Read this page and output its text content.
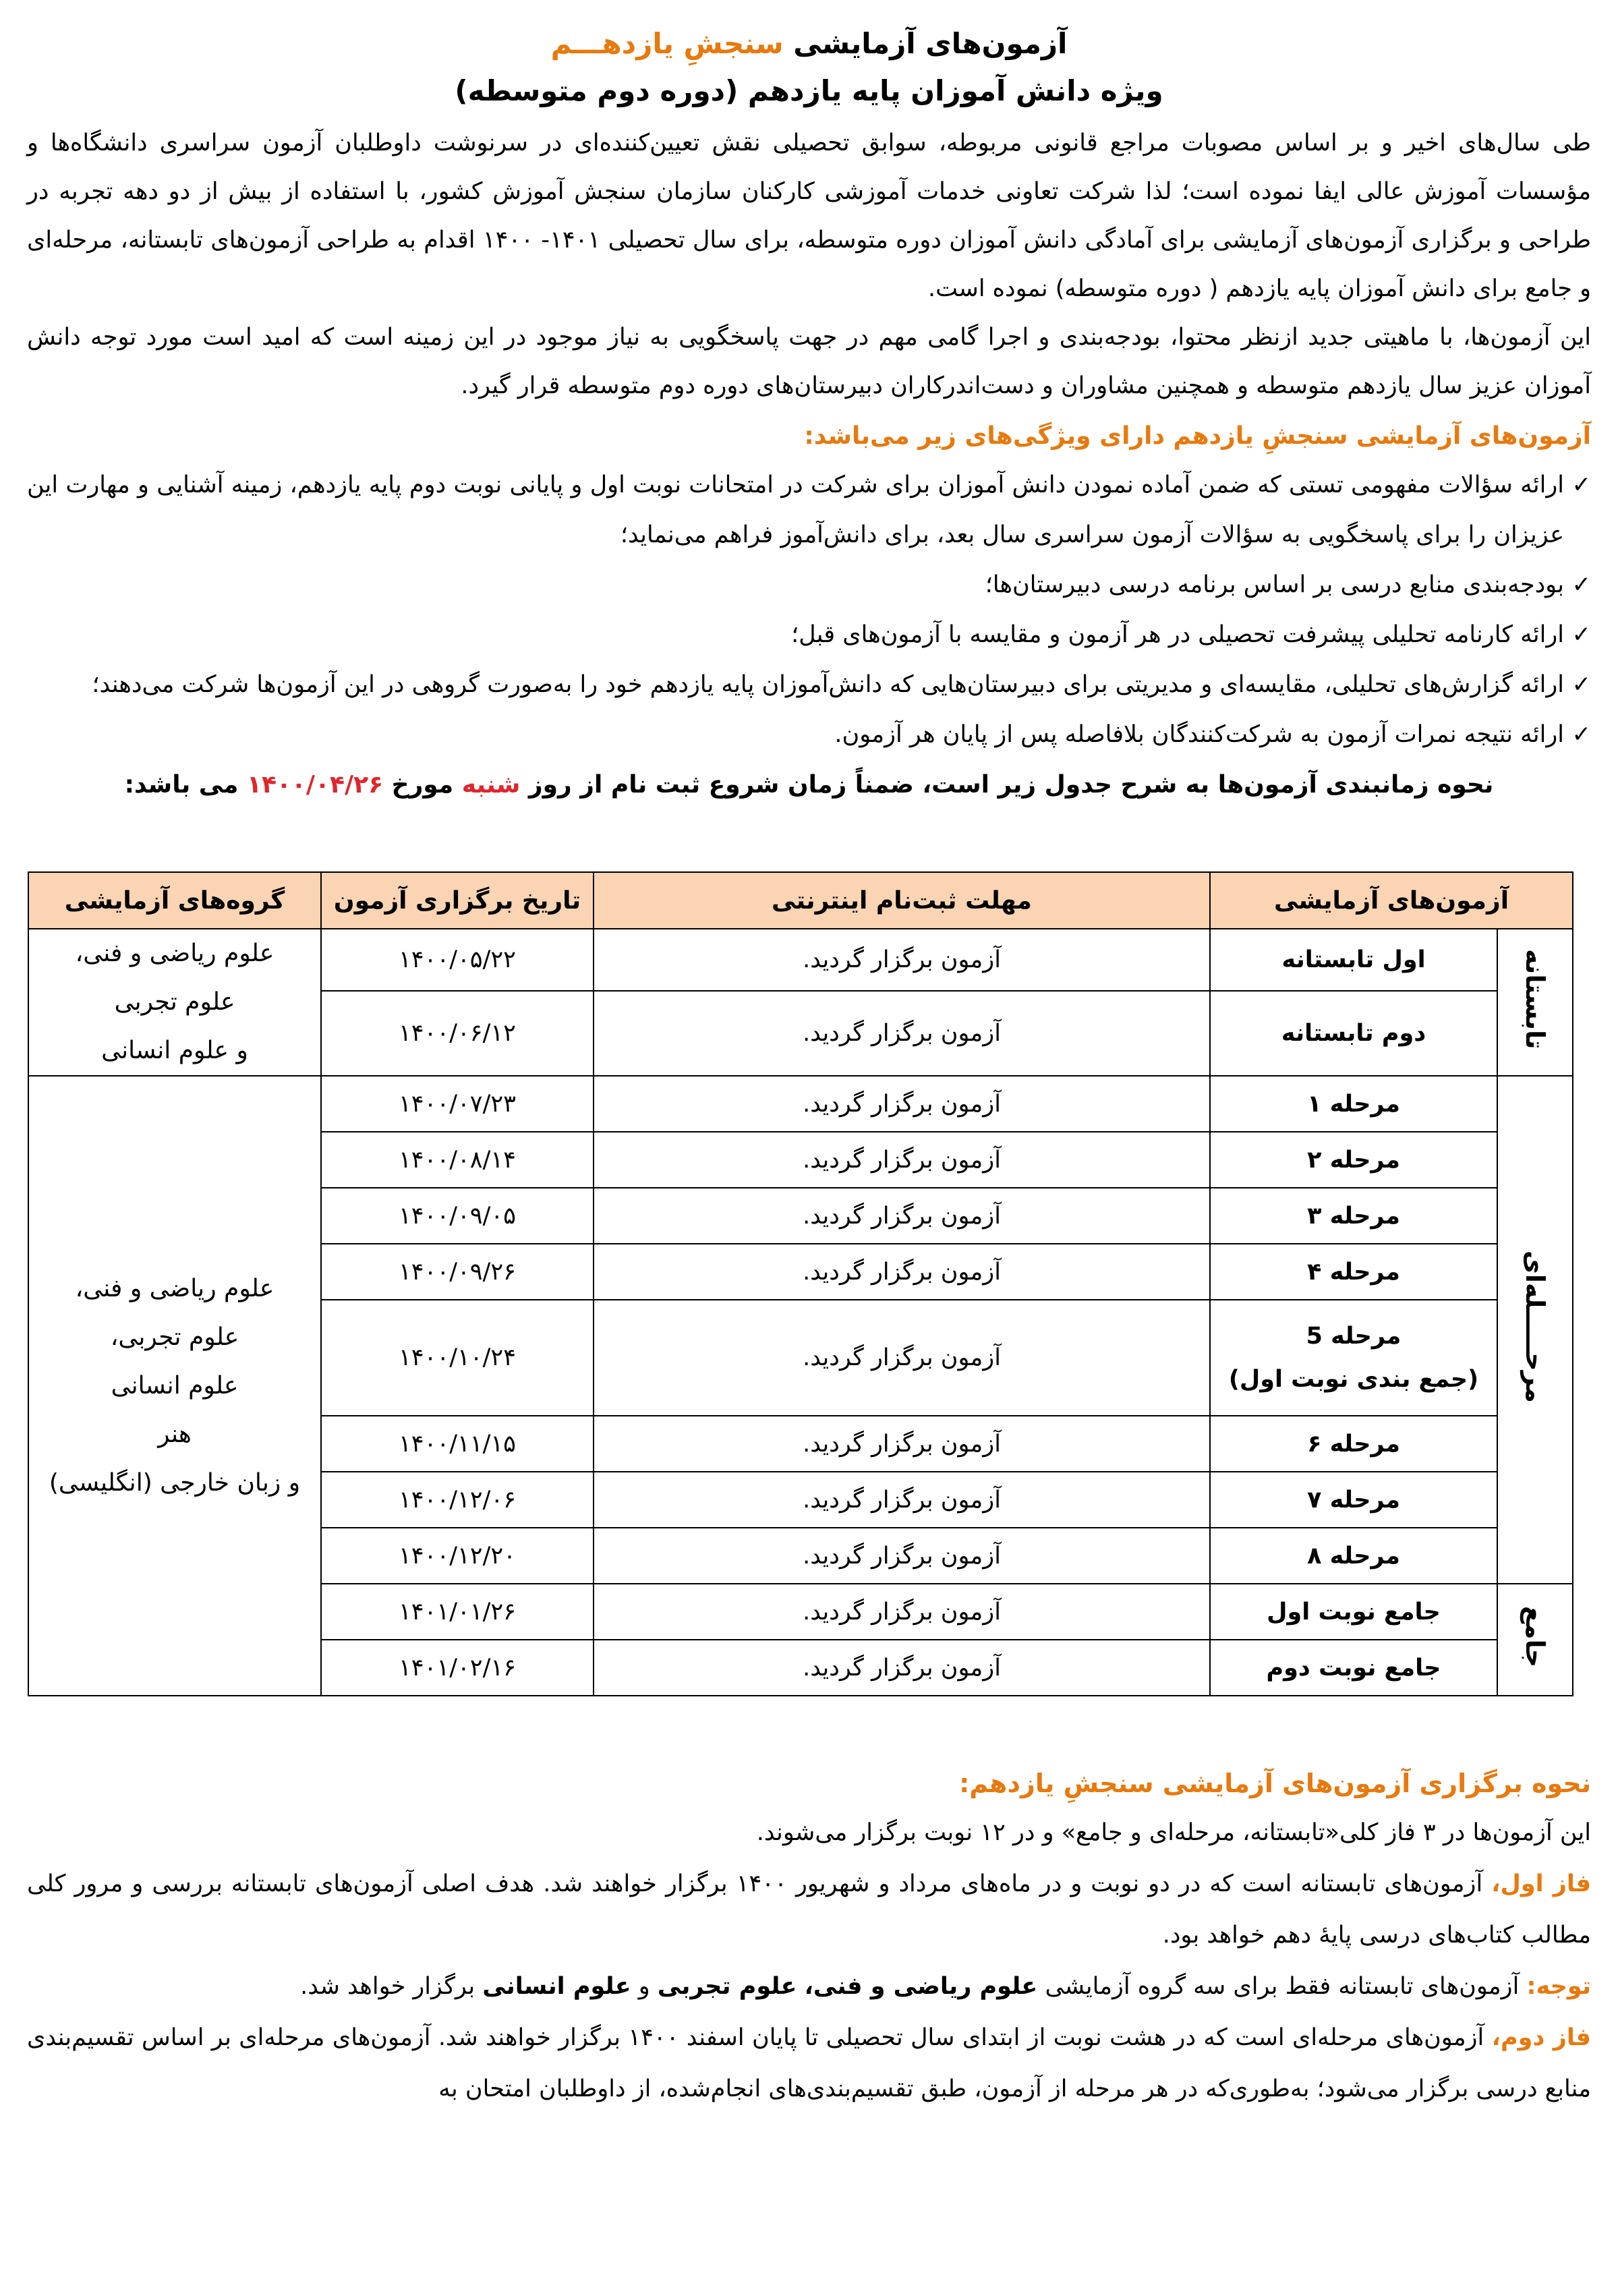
آزمون‌های آزمایشی سنجشِ یازدهـــم

ویژه دانش آموزان پایه یازدهم (دوره دوم متوسطه)

طی سال‌های اخیر و بر اساس مصوبات مراجع قانونی مربوطه، سوابق تحصیلی نقش تعیین‌کننده‌ای در سرنوشت داوطلبان آزمون سراسری دانشگاه‌ها و مؤسسات آموزش عالی ایفا نموده است؛ لذا شرکت تعاونی خدمات آموزشی کارکنان سازمان سنجش آموزش کشور، با استفاده از بیش از دو دهه تجربه در طراحی و برگزاری آزمون‌های آزمایشی برای آمادگی دانش آموزان دوره متوسطه، برای سال تحصیلی ۱۴۰۱- ۱۴۰۰ اقدام به طراحی آزمون‌های تابستانه، مرحله‌ای و جامع برای دانش آموزان پایه یازدهم ( دوره متوسطه) نموده است.

این آزمون‌ها، با ماهیتی جدید ازنظر محتوا، بودجه‌بندی و اجرا گامی مهم در جهت پاسخگویی به نیاز موجود در این زمینه است که امید است مورد توجه دانش آموزان عزیز سال یازدهم متوسطه و همچنین مشاوران و دست‌اندرکاران دبیرستان‌های دوره دوم متوسطه قرار گیرد.

آزمون‌های آزمایشی سنجشِ یازدهم دارای ویژگی‌های زیر می‌باشد:

✓
ارائه سؤالات مفهومی تستی که ضمن آماده نمودن دانش آموزان برای شرکت در امتحانات نوبت اول و پایانی نوبت دوم پایه یازدهم، زمینه آشنایی و مهارت این عزیزان را برای پاسخگویی به سؤالات آزمون سراسری سال بعد، برای دانش‌آموز فراهم می‌نماید؛
✓
بودجه‌بندی منابع درسی بر اساس برنامه درسی دبیرستان‌ها؛
✓
ارائه کارنامه تحلیلی پیشرفت تحصیلی در هر آزمون و مقایسه با آزمون‌های قبل؛
✓
ارائه گزارش‌های تحلیلی، مقایسه‌ای و مدیریتی برای دبیرستان‌هایی که دانش‌آموزان پایه یازدهم خود را به‌صورت گروهی در این آزمون‌ها شرکت می‌دهند؛
✓
ارائه نتیجه نمرات آزمون به شرکت‌کنندگان بلافاصله پس از پایان هر آزمون.

نحوه زمانبندی آزمون‌ها به شرح جدول زیر است، ضمناً زمان شروع ثبت نام از روز شنبه مورخ ۱۴۰۰/۰۴/۲۶ می باشد:

آزمون‌های آزمایشی		مهلت ثبت‌نام اینترنتی	تاریخ برگزاری آزمون	گروه‌های آزمایشی
تابستانه	اول تابستانه	آزمون برگزار گردید.	۱۴۰۰/۰۵/۲۲	علوم ریاضی و فنی،
علوم تجربی
و علوم انسانی

	دوم تابستانه	آزمون برگزار گردید.	۱۴۰۰/۰۶/۱۲	
مرحـــــله‌ای	مرحله ۱	آزمون برگزار گردید.	۱۴۰۰/۰۷/۲۳	علوم ریاضی و فنی،
علوم تجربی،
علوم انسانی
هنر
و زبان خارجی (انگلیسی)

	مرحله ۲	آزمون برگزار گردید.	۱۴۰۰/۰۸/۱۴	
	مرحله ۳	آزمون برگزار گردید.	۱۴۰۰/۰۹/۰۵	
	مرحله ۴	آزمون برگزار گردید.	۱۴۰۰/۰۹/۲۶	

	مرحله 5
(جمع بندی نوبت اول)	آزمون برگزار گردید.	۱۴۰۰/۱۰/۲۴	
	مرحله ۶	آزمون برگزار گردید.	۱۴۰۰/۱۱/۱۵	
	مرحله ۷	آزمون برگزار گردید.	۱۴۰۰/۱۲/۰۶	
	مرحله ۸	آزمون برگزار گردید.	۱۴۰۰/۱۲/۲۰	
جامع	جامع نوبت اول	آزمون برگزار گردید.	۱۴۰۱/۰۱/۲۶	
	جامع نوبت دوم	آزمون برگزار گردید.	۱۴۰۱/۰۲/۱۶	

نحوه برگزاری آزمون‌های آزمایشی سنجشِ یازدهم:

این آزمون‌ها در ۳ فاز کلی«تابستانه، مرحله‌ای و جامع» و در ۱۲ نوبت برگزار می‌شوند.

فاز اول، آزمون‌های تابستانه است که در دو نوبت و در ماه‌های مرداد و شهریور ۱۴۰۰ برگزار خواهند شد. هدف اصلی آزمون‌های تابستانه بررسی و مرور کلی مطالب کتاب‌های درسی پایهٔ دهم خواهد بود.

توجه: آزمون‌های تابستانه فقط برای سه گروه آزمایشی علوم ریاضی و فنی، علوم تجربی و علوم انسانی برگزار خواهد شد.

فاز دوم، آزمون‌های مرحله‌ای است که در هشت نوبت از ابتدای سال تحصیلی تا پایان اسفند ۱۴۰۰ برگزار خواهند شد. آزمون‌های مرحله‌ای بر اساس تقسیم‌بندی منابع درسی برگزار می‌شود؛ به‌طوری‌که در هر مرحله از آزمون، طبق تقسیم‌بندی‌های انجام‌شده، از داوطلبان امتحان به
